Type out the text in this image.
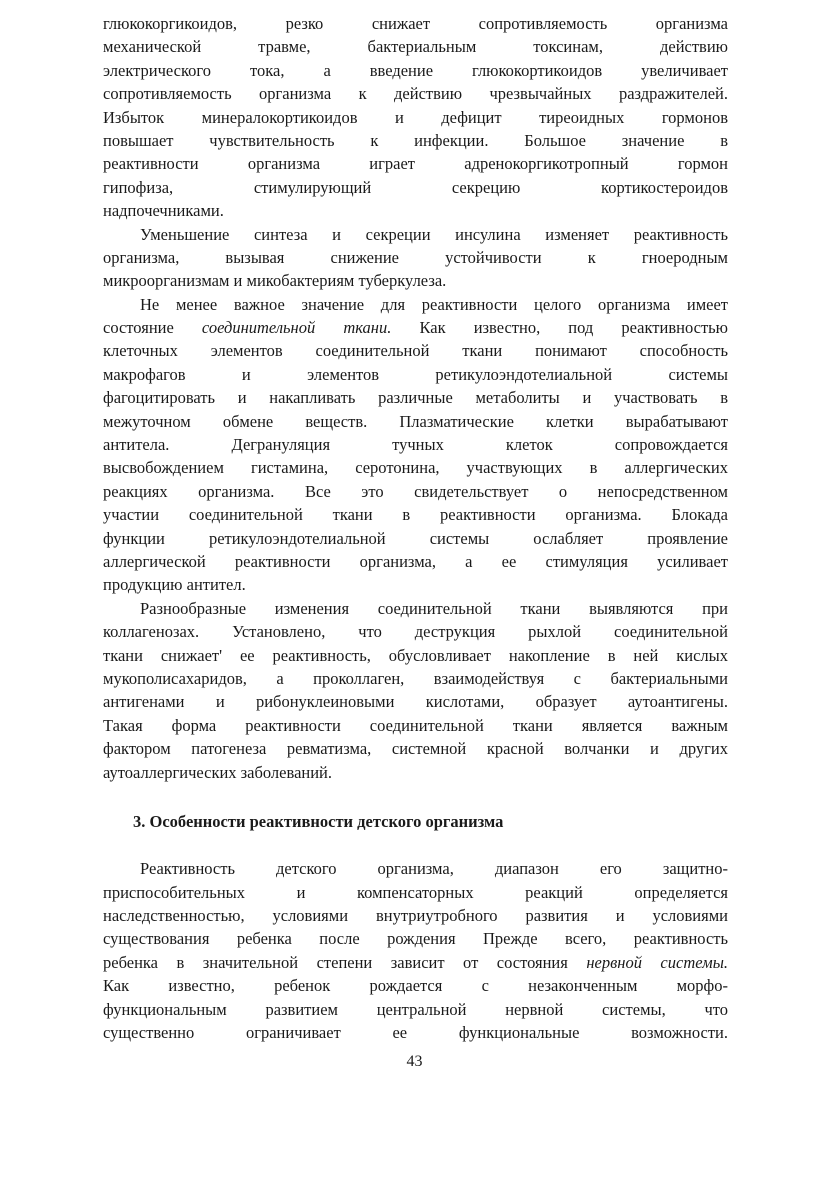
глюкокоргикоидов, резко снижает сопротивляемость организма
механической травме, бактериальным токсинам, действию
электрического тока, а введение глюкокортикоидов увеличивает
сопротивляемость организма к действию чрезвычайных раздражителей.
Избыток минералокортикоидов и дефицит тиреоидных гормонов
повышает чувствительность к инфекции. Большое значение в
реактивности организма играет адренокоргикотропный гормон
гипофиза, стимулирующий секрецию кортикостероидов
надпочечниками.
Уменьшение синтеза и секреции инсулина изменяет реактивность
организма, вызывая снижение устойчивости к гноеродным
микроорганизмам и микобактериям туберкулеза.
Не менее важное значение для реактивности целого организма имеет
состояние соединительной ткани. Как известно, под реактивностью
клеточных элементов соединительной ткани понимают способность
макрофагов и элементов ретикулоэндотелиальной системы
фагоцитировать и накапливать различные метаболиты и участвовать в
межуточном обмене веществ. Плазматические клетки вырабатывают
антитела. Дегрануляция тучных клеток сопровождается
высвобождением гистамина, серотонина, участвующих в аллергических
реакциях организма. Все это свидетельствует о непосредственном
участии соединительной ткани в реактивности организма. Блокада
функции ретикулоэндотелиальной системы ослабляет проявление
аллергической реактивности организма, а ее стимуляция усиливает
продукцию антител.
Разнообразные изменения соединительной ткани выявляются при
коллагенозах. Установлено, что деструкция рыхлой соединительной
ткани снижает' ее реактивность, обусловливает накопление в ней кислых
мукополисахаридов, а проколлаген, взаимодействуя с бактериальными
антигенами и рибонуклеиновыми кислотами, образует аутоантигены.
Такая форма реактивности соединительной ткани является важным
фактором патогенеза ревматизма, системной красной волчанки и других
аутоаллергических заболеваний.
3. Особенности реактивности детского организма
Реактивность детского организма, диапазон его защитно-
приспособительных и компенсаторных реакций определяется
наследственностью, условиями внутриутробного развития и условиями
существования ребенка после рождения Прежде всего, реактивность
ребенка в значительной степени зависит от состояния нервной системы.
Как известно, ребенок рождается с незаконченным морфо-
функциональным развитием центральной нервной системы, что
существенно ограничивает ее функциональные возможности.
43
